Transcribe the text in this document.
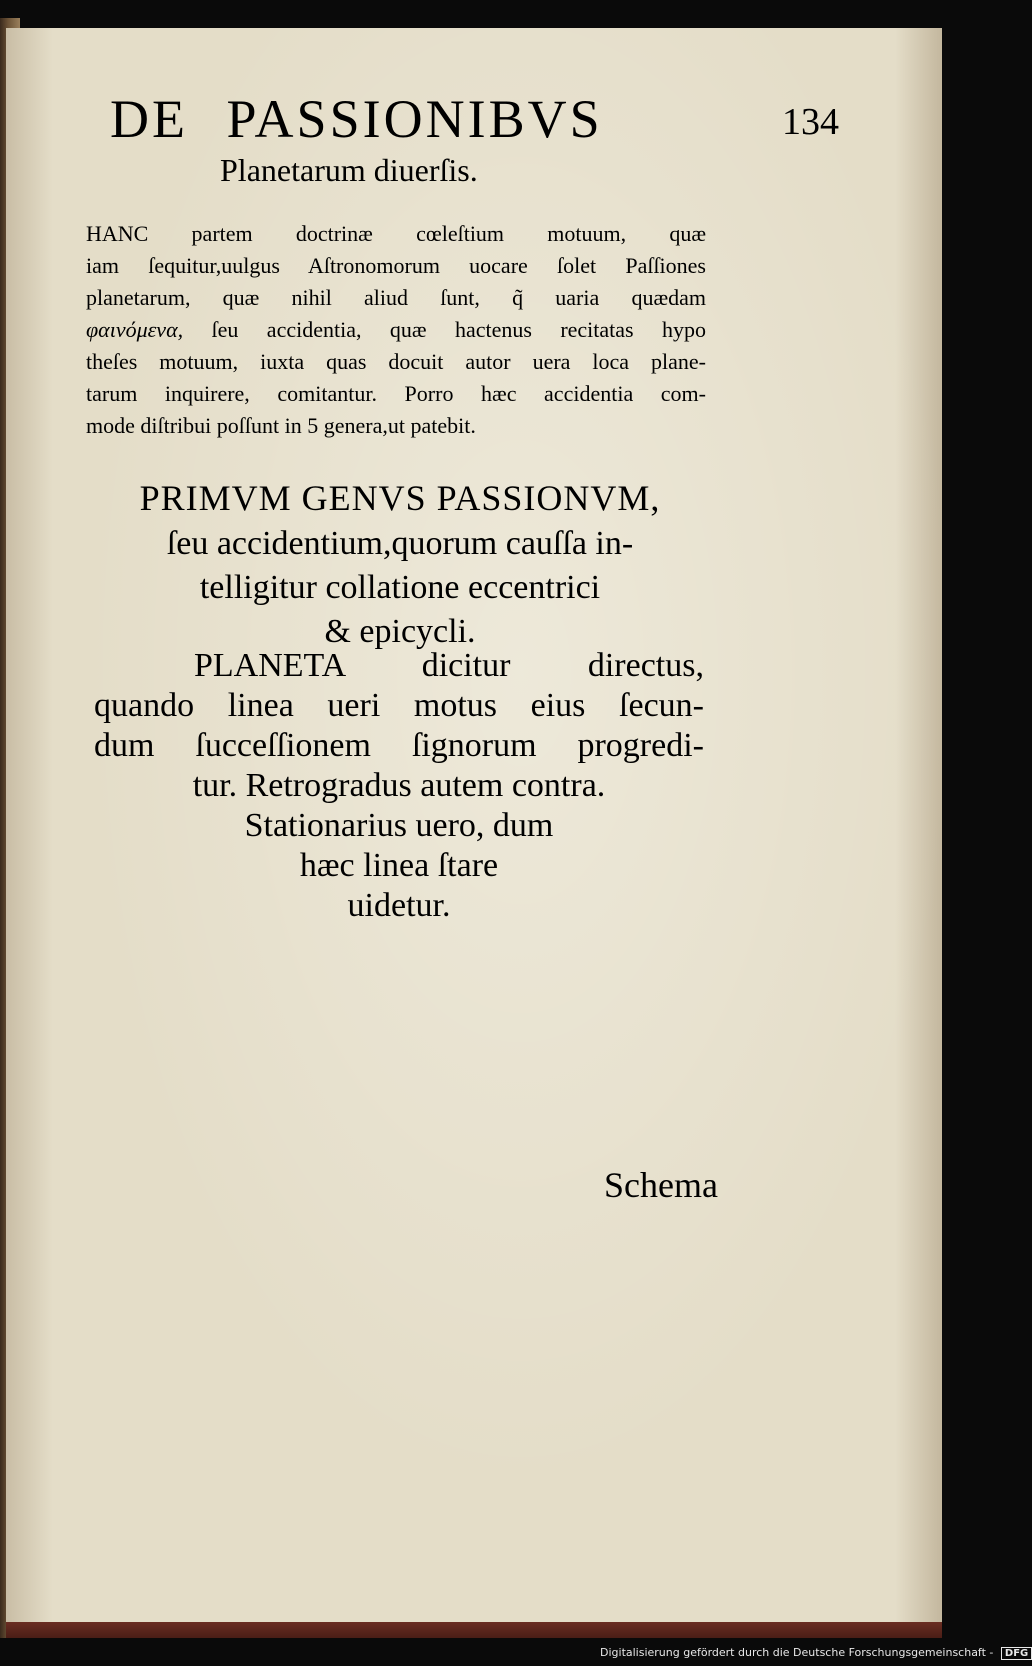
DE PASSIONIBVS	134
Planetarum diuerſis.
HANC partem doctrinæ cœleſtium motuum, quæ
iam ſequitur,uulgus Aſtronomorum uocare ſolet Paſſiones
planetarum, quæ nihil aliud ſunt, q̃ uaria quædam
φαινόμενα, ſeu accidentia, quæ hactenus recitatas hypo
theſes motuum, iuxta quas docuit autor uera loca plane-
tarum inquirere, comitantur. Porro hæc accidentia com-
mode diſtribui poſſunt in 5 genera,ut patebit.
PRIMVM GENVS PASSIONVM,
ſeu accidentium,quorum cauſſa in-
telligitur collatione eccentrici
& epicycli.
PLANETA dicitur directus,
quando linea ueri motus eius ſecun-
dum ſucceſſionem ſignorum progredi-
tur. Retrogradus autem contra.
Stationarius uero, dum
hæc linea ſtare
uidetur.
Schema
Digitalisierung gefördert durch die Deutsche Forschungsgemeinschaft - DFG
